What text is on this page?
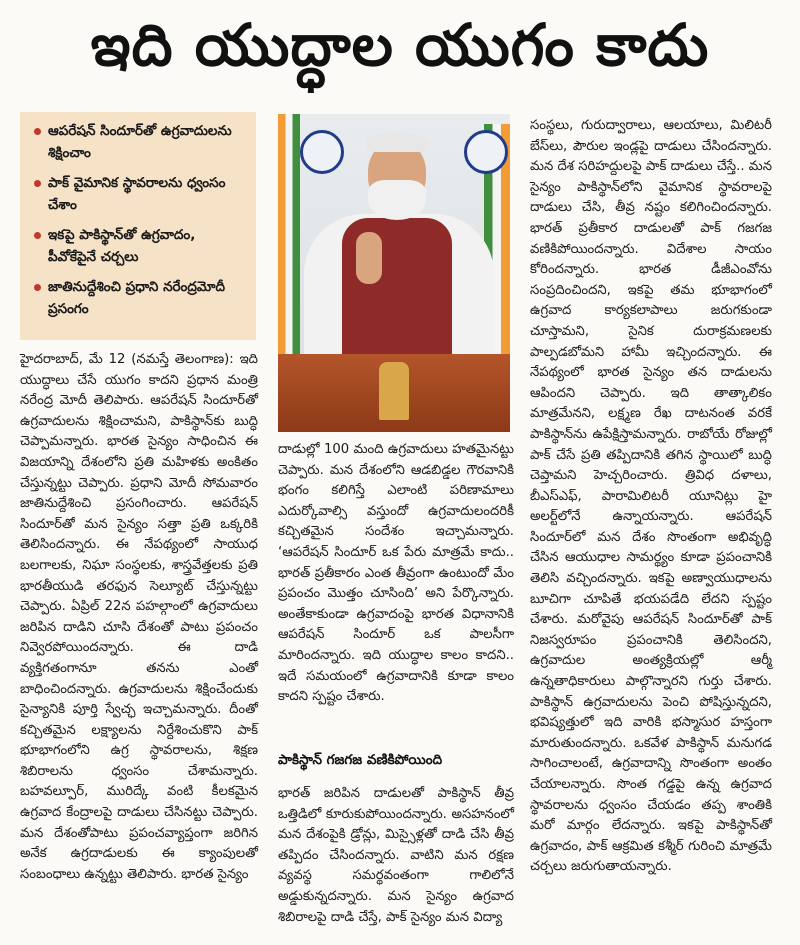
ఇది యుద్ధాల యుగం కాదు
ఆపరేషన్ సిందూర్‌తో ఉగ్రవాదులను శిక్షించాం
పాక్ వైమానిక స్థావరాలను ధ్వంసం చేశాం
ఇకపై పాకిస్థాన్‌తో ఉగ్రవాదం, పీవోకేపైనే చర్చలు
జాతినుద్దేశించి ప్రధాని నరేంద్రమోదీ ప్రసంగం

హైదరాబాద్, మే 12 (నమస్తే తెలంగాణ): ఇది యుద్ధాలు చేసే యుగం కాదని ప్రధాన మంత్రి నరేంద్ర మోదీ తెలిపారు. ఆపరేషన్ సిందూర్‌తో ఉగ్రవాదులను శిక్షించామని, పాకిస్థాన్‌కు బుద్ధి చెప్పామన్నారు. భారత సైన్యం సాధించిన ఈ విజయాన్ని దేశంలోని ప్రతి మహిళకు అంకితం చేస్తున్నట్టు చెప్పారు. ప్రధాని మోదీ సోమవారం జాతినుద్దేశించి ప్రసంగించారు. ఆపరేషన్ సిందూర్‌తో మన సైన్యం సత్తా ప్రతి ఒక్కరికి తెలిసిందన్నారు. ఈ నేపథ్యంలో సాయుధ బలగాలకు, నిఘా సంస్థలకు, శాస్త్రవేత్తలకు ప్రతి భారతీయుడి తరఫున సెల్యూట్ చేస్తున్నట్టు చెప్పారు. ఏప్రిల్ 22న పహల్గాంలో ఉగ్రవాదులు జరిపిన దాడిని చూసి దేశంతో పాటు ప్రపంచం నివ్వెరపోయిందన్నారు. ఈ దాడి వ్యక్తిగతంగానూ తనను ఎంతో బాధించిందన్నారు. ఉగ్రవాదులను శిక్షించేందుకు సైన్యానికి పూర్తి స్వేచ్ఛ ఇచ్చామన్నారు. దీంతో కచ్చితమైన లక్ష్యాలను నిర్దేశించుకొని పాక్ భూభాగంలోని ఉగ్ర స్థావరాలను, శిక్షణ శిబిరాలను ధ్వంసం చేశామన్నారు. బహవల్పూర్, మురిద్కే వంటి కీలకమైన ఉగ్రవాద కేంద్రాలపై దాడులు చేసినట్టు చెప్పారు. మన దేశంతోపాటు ప్రపంచవ్యాప్తంగా జరిగిన అనేక ఉగ్రదాడులకు ఈ క్యాంపులతో సంబంధాలు ఉన్నట్టు తెలిపారు. భారత సైన్యం

దాడుల్లో 100 మంది ఉగ్రవాదులు హతమైనట్టు చెప్పారు. మన దేశంలోని ఆడబిడ్డల గౌరవానికి భంగం కలిగిస్తే ఎలాంటి పరిణామాలు ఎదుర్కోవాల్సి వస్తుందో ఉగ్రవాదులందరికీ కచ్చితమైన సందేశం ఇచ్చామన్నారు. ‘ఆపరేషన్ సిందూర్ ఒక పేరు మాత్రమే కాదు.. భారత్ ప్రతీకారం ఎంత తీవ్రంగా ఉంటుందో మేం ప్రపంచం మొత్తం చూసింది’ అని పేర్కొన్నారు. అంతేకాకుండా ఉగ్రవాదంపై భారత విధానానికి ఆపరేషన్ సిందూర్ ఒక పాలసీగా మారిందన్నారు. ఇది యుద్ధాల కాలం కాదని.. ఇదే సమయంలో ఉగ్రవాదానికి కూడా కాలం కాదని స్పష్టం చేశారు.

పాకిస్థాన్ గజగజ వణికిపోయింది

భారత్ జరిపిన దాడులతో పాకిస్థాన్ తీవ్ర ఒత్తిడిలో కూరుకుపోయిందన్నారు. అసహనంలో మన దేశంపైకి డ్రోన్లు, మిస్సైళ్లతో దాడి చేసి తీవ్ర తప్పిదం చేసిందన్నారు. వాటిని మన రక్షణ వ్యవస్థ సమర్థవంతంగా గాలిలోనే అడ్డుకున్నదన్నారు. మన సైన్యం ఉగ్రవాద శిబిరాలపై దాడి చేస్తే, పాక్ సైన్యం మన విద్యా

సంస్థలు, గురుద్వారాలు, ఆలయాలు, మిలిటరీ బేస్‌లు, పౌరుల ఇండ్లపై దాడులు చేసిందన్నారు. మన దేశ సరిహద్దులపై పాక్ దాడులు చేస్తే.. మన సైన్యం పాకిస్థాన్‌లోని వైమానిక స్థావరాలపై దాడులు చేసి, తీవ్ర నష్టం కలిగించిందన్నారు. భారత్ ప్రతీకార దాడులతో పాక్ గజగజ వణికిపోయిందన్నారు. విదేశాల సాయం కోరిందన్నారు. భారత డీజీఎంవోను సంప్రదించిందని, ఇకపై తమ భూభాగంలో ఉగ్రవాద కార్యకలాపాలు జరుగకుండా చూస్తామని, సైనిక దురాక్రమణలకు పాల్పడబోమని హామీ ఇచ్చిందన్నారు. ఈ నేపథ్యంలో భారత సైన్యం తన దాడులను ఆపిందని చెప్పారు. ఇది తాత్కాలికం మాత్రమేనని, లక్ష్మణ రేఖ దాటనంత వరకే పాకిస్థాన్‌ను ఉపేక్షిస్తామన్నారు. రాబోయే రోజుల్లో పాక్ చేసే ప్రతి తప్పిదానికి తగిన స్థాయిలో బుద్ధి చెప్తామని హెచ్చరించారు. త్రివిధ దళాలు, బీఎస్ఎఫ్, పారామిలిటరీ యూనిట్లు హై అలర్ట్‌లోనే ఉన్నాయన్నారు. ఆపరేషన్ సిందూర్‌లో మన దేశం సొంతంగా అభివృద్ధి చేసిన ఆయుధాల సామర్థ్యం కూడా ప్రపంచానికి తెలిసి వచ్చిందన్నారు. ఇకపై అణ్వాయుధాలను బూచిగా చూపితే భయపడేది లేదని స్పష్టం చేశారు. మరోవైపు ఆపరేషన్ సిందూర్‌తో పాక్ నిజస్వరూపం ప్రపంచానికి తెలిసిందని, ఉగ్రవాదుల అంత్యక్రియల్లో ఆర్మీ ఉన్నతాధికారులు పాల్గొన్నారని గుర్తు చేశారు. పాకిస్థాన్ ఉగ్రవాదులను పెంచి పోషిస్తున్నదని, భవిష్యత్తులో ఇది వారికి భస్మాసుర హస్తంగా మారుతుందన్నారు. ఒకవేళ పాకిస్థాన్ మనుగడ సాగించాలంటే, ఉగ్రవాదాన్ని సొంతంగా అంతం చేయాలన్నారు. సొంత గడ్డపై ఉన్న ఉగ్రవాద స్థావరాలను ధ్వంసం చేయడం తప్ప శాంతికి మరో మార్గం లేదన్నారు. ఇకపై పాకిస్థాన్‌తో ఉగ్రవాదం, పాక్ ఆక్రమిత కశ్మీర్ గురించి మాత్రమే చర్చలు జరుగుతాయన్నారు.
